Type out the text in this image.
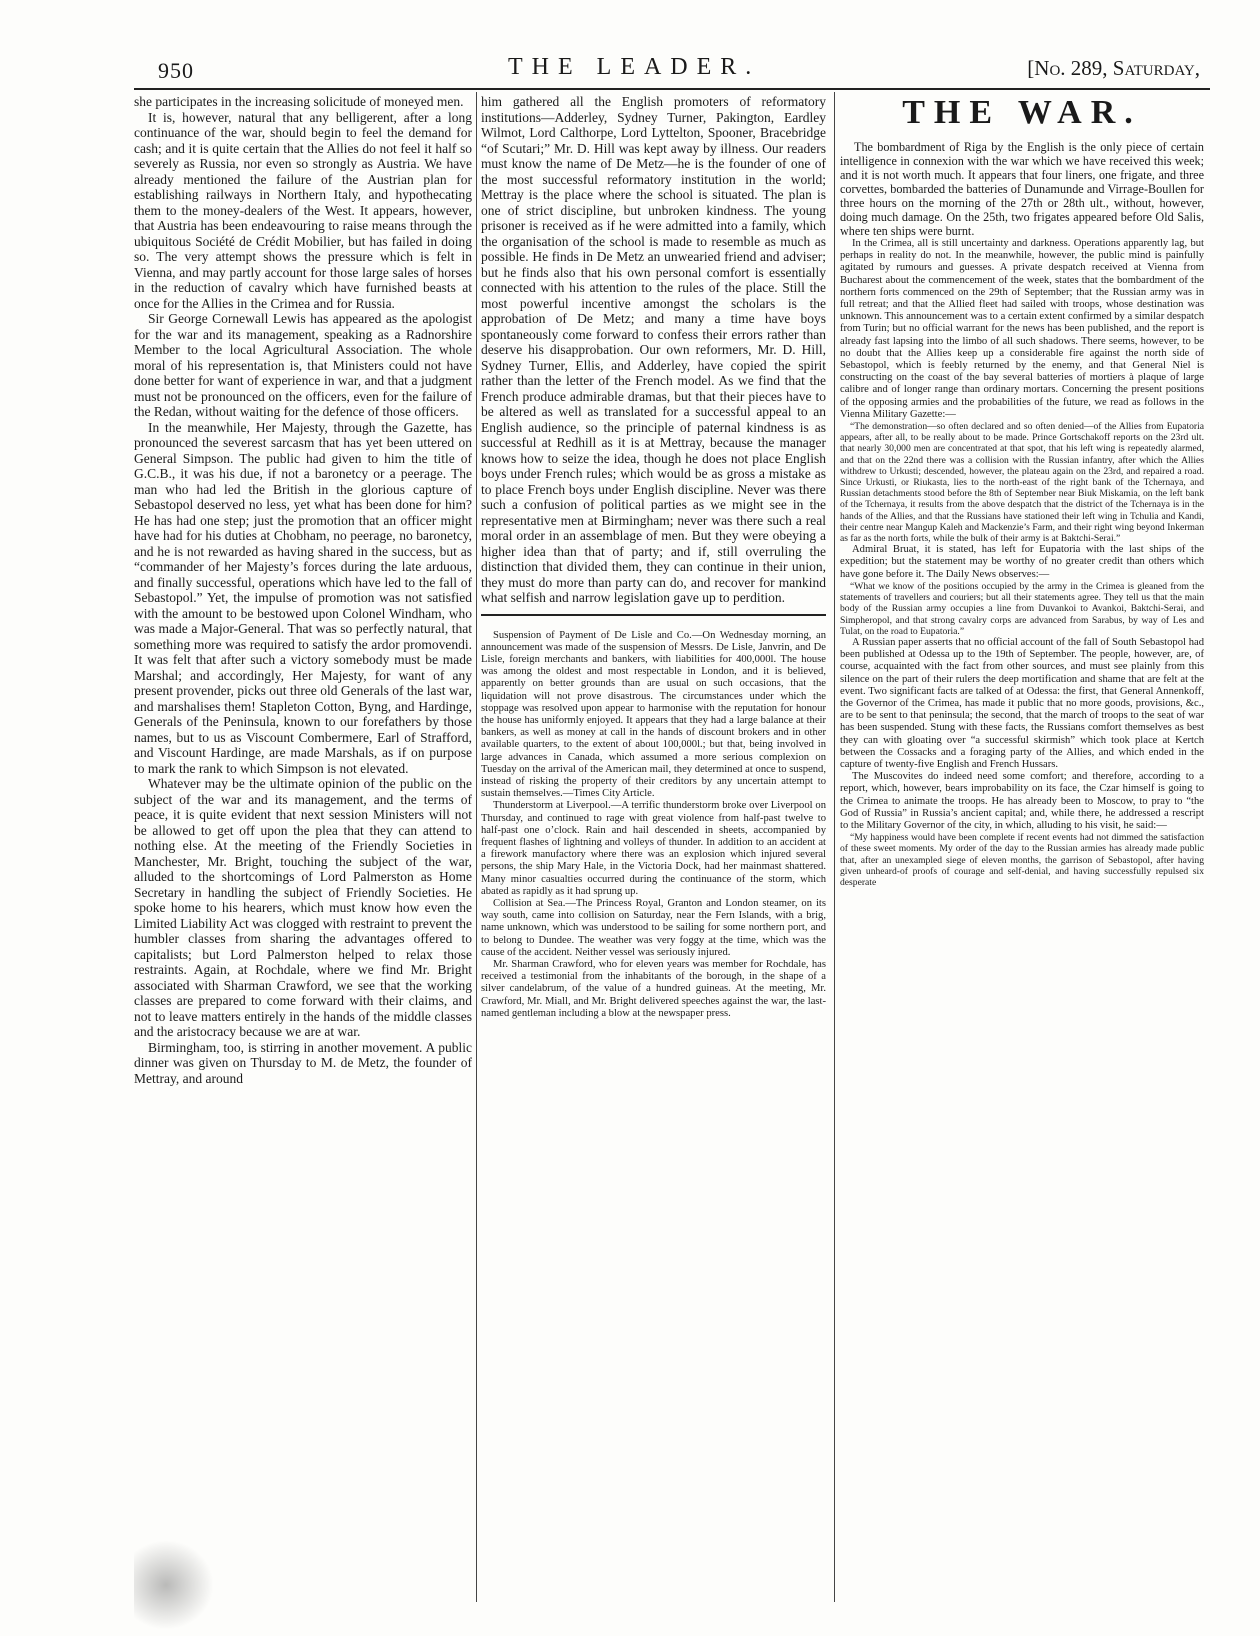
950	THE LEADER.	[No. 289, Saturday,

she participates in the increasing solicitude of moneyed men.

It is, however, natural that any belligerent, after a long continuance of the war, should begin to feel the demand for cash; and it is quite certain that the Allies do not feel it half so severely as Russia, nor even so strongly as Austria. We have already mentioned the failure of the Austrian plan for establishing railways in Northern Italy, and hypothecating them to the money-dealers of the West. It appears, however, that Austria has been endeavouring to raise means through the ubiquitous Société de Crédit Mobilier, but has failed in doing so. The very attempt shows the pressure which is felt in Vienna, and may partly account for those large sales of horses in the reduction of cavalry which have furnished beasts at once for the Allies in the Crimea and for Russia.

Sir George Cornewall Lewis has appeared as the apologist for the war and its management, speaking as a Radnorshire Member to the local Agricultural Association. The whole moral of his representation is, that Ministers could not have done better for want of experience in war, and that a judgment must not be pronounced on the officers, even for the failure of the Redan, without waiting for the defence of those officers.

In the meanwhile, Her Majesty, through the Gazette, has pronounced the severest sarcasm that has yet been uttered on General Simpson. The public had given to him the title of G.C.B., it was his due, if not a baronetcy or a peerage. The man who had led the British in the glorious capture of Sebastopol deserved no less, yet what has been done for him? He has had one step; just the promotion that an officer might have had for his duties at Chobham, no peerage, no baronetcy, and he is not rewarded as having shared in the success, but as “commander of her Majesty’s forces during the late arduous, and finally successful, operations which have led to the fall of Sebastopol.” Yet, the impulse of promotion was not satisfied with the amount to be bestowed upon Colonel Windham, who was made a Major-General. That was so perfectly natural, that something more was required to satisfy the ardor promovendi. It was felt that after such a victory somebody must be made Marshal; and accordingly, Her Majesty, for want of any present provender, picks out three old Generals of the last war, and marshalises them! Stapleton Cotton, Byng, and Hardinge, Generals of the Peninsula, known to our forefathers by those names, but to us as Viscount Combermere, Earl of Strafford, and Viscount Hardinge, are made Marshals, as if on purpose to mark the rank to which Simpson is not elevated.

Whatever may be the ultimate opinion of the public on the subject of the war and its management, and the terms of peace, it is quite evident that next session Ministers will not be allowed to get off upon the plea that they can attend to nothing else. At the meeting of the Friendly Societies in Manchester, Mr. Bright, touching the subject of the war, alluded to the shortcomings of Lord Palmerston as Home Secretary in handling the subject of Friendly Societies. He spoke home to his hearers, which must know how even the Limited Liability Act was clogged with restraint to prevent the humbler classes from sharing the advantages offered to capitalists; but Lord Palmerston helped to relax those restraints. Again, at Rochdale, where we find Mr. Bright associated with Sharman Crawford, we see that the working classes are prepared to come forward with their claims, and not to leave matters entirely in the hands of the middle classes and the aristocracy because we are at war.

Birmingham, too, is stirring in another movement. A public dinner was given on Thursday to M. de Metz, the founder of Mettray, and around

him gathered all the English promoters of reformatory institutions—Adderley, Sydney Turner, Pakington, Eardley Wilmot, Lord Calthorpe, Lord Lyttelton, Spooner, Bracebridge “of Scutari;” Mr. D. Hill was kept away by illness. Our readers must know the name of De Metz—he is the founder of one of the most successful reformatory institution in the world; Mettray is the place where the school is situated. The plan is one of strict discipline, but unbroken kindness. The young prisoner is received as if he were admitted into a family, which the organisation of the school is made to resemble as much as possible. He finds in De Metz an unwearied friend and adviser; but he finds also that his own personal comfort is essentially connected with his attention to the rules of the place. Still the most powerful incentive amongst the scholars is the approbation of De Metz; and many a time have boys spontaneously come forward to confess their errors rather than deserve his disapprobation. Our own reformers, Mr. D. Hill, Sydney Turner, Ellis, and Adderley, have copied the spirit rather than the letter of the French model. As we find that the French produce admirable dramas, but that their pieces have to be altered as well as translated for a successful appeal to an English audience, so the principle of paternal kindness is as successful at Redhill as it is at Mettray, because the manager knows how to seize the idea, though he does not place English boys under French rules; which would be as gross a mistake as to place French boys under English discipline. Never was there such a confusion of political parties as we might see in the representative men at Birmingham; never was there such a real moral order in an assemblage of men. But they were obeying a higher idea than that of party; and if, still overruling the distinction that divided them, they can continue in their union, they must do more than party can do, and recover for mankind what selfish and narrow legislation gave up to perdition.

Suspension of Payment of De Lisle and Co.—On Wednesday morning, an announcement was made of the suspension of Messrs. De Lisle, Janvrin, and De Lisle, foreign merchants and bankers, with liabilities for 400,000l. The house was among the oldest and most respectable in London, and it is believed, apparently on better grounds than are usual on such occasions, that the liquidation will not prove disastrous. The circumstances under which the stoppage was resolved upon appear to harmonise with the reputation for honour the house has uniformly enjoyed. It appears that they had a large balance at their bankers, as well as money at call in the hands of discount brokers and in other available quarters, to the extent of about 100,000l.; but that, being involved in large advances in Canada, which assumed a more serious complexion on Tuesday on the arrival of the American mail, they determined at once to suspend, instead of risking the property of their creditors by any uncertain attempt to sustain themselves.—Times City Article.

Thunderstorm at Liverpool.—A terrific thunderstorm broke over Liverpool on Thursday, and continued to rage with great violence from half-past twelve to half-past one o’clock. Rain and hail descended in sheets, accompanied by frequent flashes of lightning and volleys of thunder. In addition to an accident at a firework manufactory where there was an explosion which injured several persons, the ship Mary Hale, in the Victoria Dock, had her mainmast shattered. Many minor casualties occurred during the continuance of the storm, which abated as rapidly as it had sprung up.

Collision at Sea.—The Princess Royal, Granton and London steamer, on its way south, came into collision on Saturday, near the Fern Islands, with a brig, name unknown, which was understood to be sailing for some northern port, and to belong to Dundee. The weather was very foggy at the time, which was the cause of the accident. Neither vessel was seriously injured.

Mr. Sharman Crawford, who for eleven years was member for Rochdale, has received a testimonial from the inhabitants of the borough, in the shape of a silver candelabrum, of the value of a hundred guineas. At the meeting, Mr. Crawford, Mr. Miall, and Mr. Bright delivered speeches against the war, the last-named gentleman including a blow at the newspaper press.

THE WAR.

The bombardment of Riga by the English is the only piece of certain intelligence in connexion with the war which we have received this week; and it is not worth much. It appears that four liners, one frigate, and three corvettes, bombarded the batteries of Dunamunde and Virrage-Boullen for three hours on the morning of the 27th or 28th ult., without, however, doing much damage. On the 25th, two frigates appeared before Old Salis, where ten ships were burnt.

In the Crimea, all is still uncertainty and darkness. Operations apparently lag, but perhaps in reality do not. In the meanwhile, however, the public mind is painfully agitated by rumours and guesses. A private despatch received at Vienna from Bucharest about the commencement of the week, states that the bombardment of the northern forts commenced on the 29th of September; that the Russian army was in full retreat; and that the Allied fleet had sailed with troops, whose destination was unknown. This announcement was to a certain extent confirmed by a similar despatch from Turin; but no official warrant for the news has been published, and the report is already fast lapsing into the limbo of all such shadows. There seems, however, to be no doubt that the Allies keep up a considerable fire against the north side of Sebastopol, which is feebly returned by the enemy, and that General Niel is constructing on the coast of the bay several batteries of mortiers à plaque of large calibre and of longer range than ordinary mortars. Concerning the present positions of the opposing armies and the probabilities of the future, we read as follows in the Vienna Military Gazette:—

“The demonstration—so often declared and so often denied—of the Allies from Eupatoria appears, after all, to be really about to be made. Prince Gortschakoff reports on the 23rd ult. that nearly 30,000 men are concentrated at that spot, that his left wing is repeatedly alarmed, and that on the 22nd there was a collision with the Russian infantry, after which the Allies withdrew to Urkusti; descended, however, the plateau again on the 23rd, and repaired a road. Since Urkusti, or Riukasta, lies to the north-east of the right bank of the Tchernaya, and Russian detachments stood before the 8th of September near Biuk Miskamia, on the left bank of the Tchernaya, it results from the above despatch that the district of the Tchernaya is in the hands of the Allies, and that the Russians have stationed their left wing in Tchulia and Kandi, their centre near Mangup Kaleh and Mackenzie’s Farm, and their right wing beyond Inkerman as far as the north forts, while the bulk of their army is at Baktchi-Serai.”

Admiral Bruat, it is stated, has left for Eupatoria with the last ships of the expedition; but the statement may be worthy of no greater credit than others which have gone before it. The Daily News observes:—

“What we know of the positions occupied by the army in the Crimea is gleaned from the statements of travellers and couriers; but all their statements agree. They tell us that the main body of the Russian army occupies a line from Duvankoi to Avankoi, Baktchi-Serai, and Simpheropol, and that strong cavalry corps are advanced from Sarabus, by way of Les and Tulat, on the road to Eupatoria.”

A Russian paper asserts that no official account of the fall of South Sebastopol had been published at Odessa up to the 19th of September. The people, however, are, of course, acquainted with the fact from other sources, and must see plainly from this silence on the part of their rulers the deep mortification and shame that are felt at the event. Two significant facts are talked of at Odessa: the first, that General Annenkoff, the Governor of the Crimea, has made it public that no more goods, provisions, &c., are to be sent to that peninsula; the second, that the march of troops to the seat of war has been suspended. Stung with these facts, the Russians comfort themselves as best they can with gloating over “a successful skirmish” which took place at Kertch between the Cossacks and a foraging party of the Allies, and which ended in the capture of twenty-five English and French Hussars.

The Muscovites do indeed need some comfort; and therefore, according to a report, which, however, bears improbability on its face, the Czar himself is going to the Crimea to animate the troops. He has already been to Moscow, to pray to “the God of Russia” in Russia’s ancient capital; and, while there, he addressed a rescript to the Military Governor of the city, in which, alluding to his visit, he said:—

“My happiness would have been complete if recent events had not dimmed the satisfaction of these sweet moments. My order of the day to the Russian armies has already made public that, after an unexampled siege of eleven months, the garrison of Sebastopol, after having given unheard-of proofs of courage and self-denial, and having successfully repulsed six desperate
